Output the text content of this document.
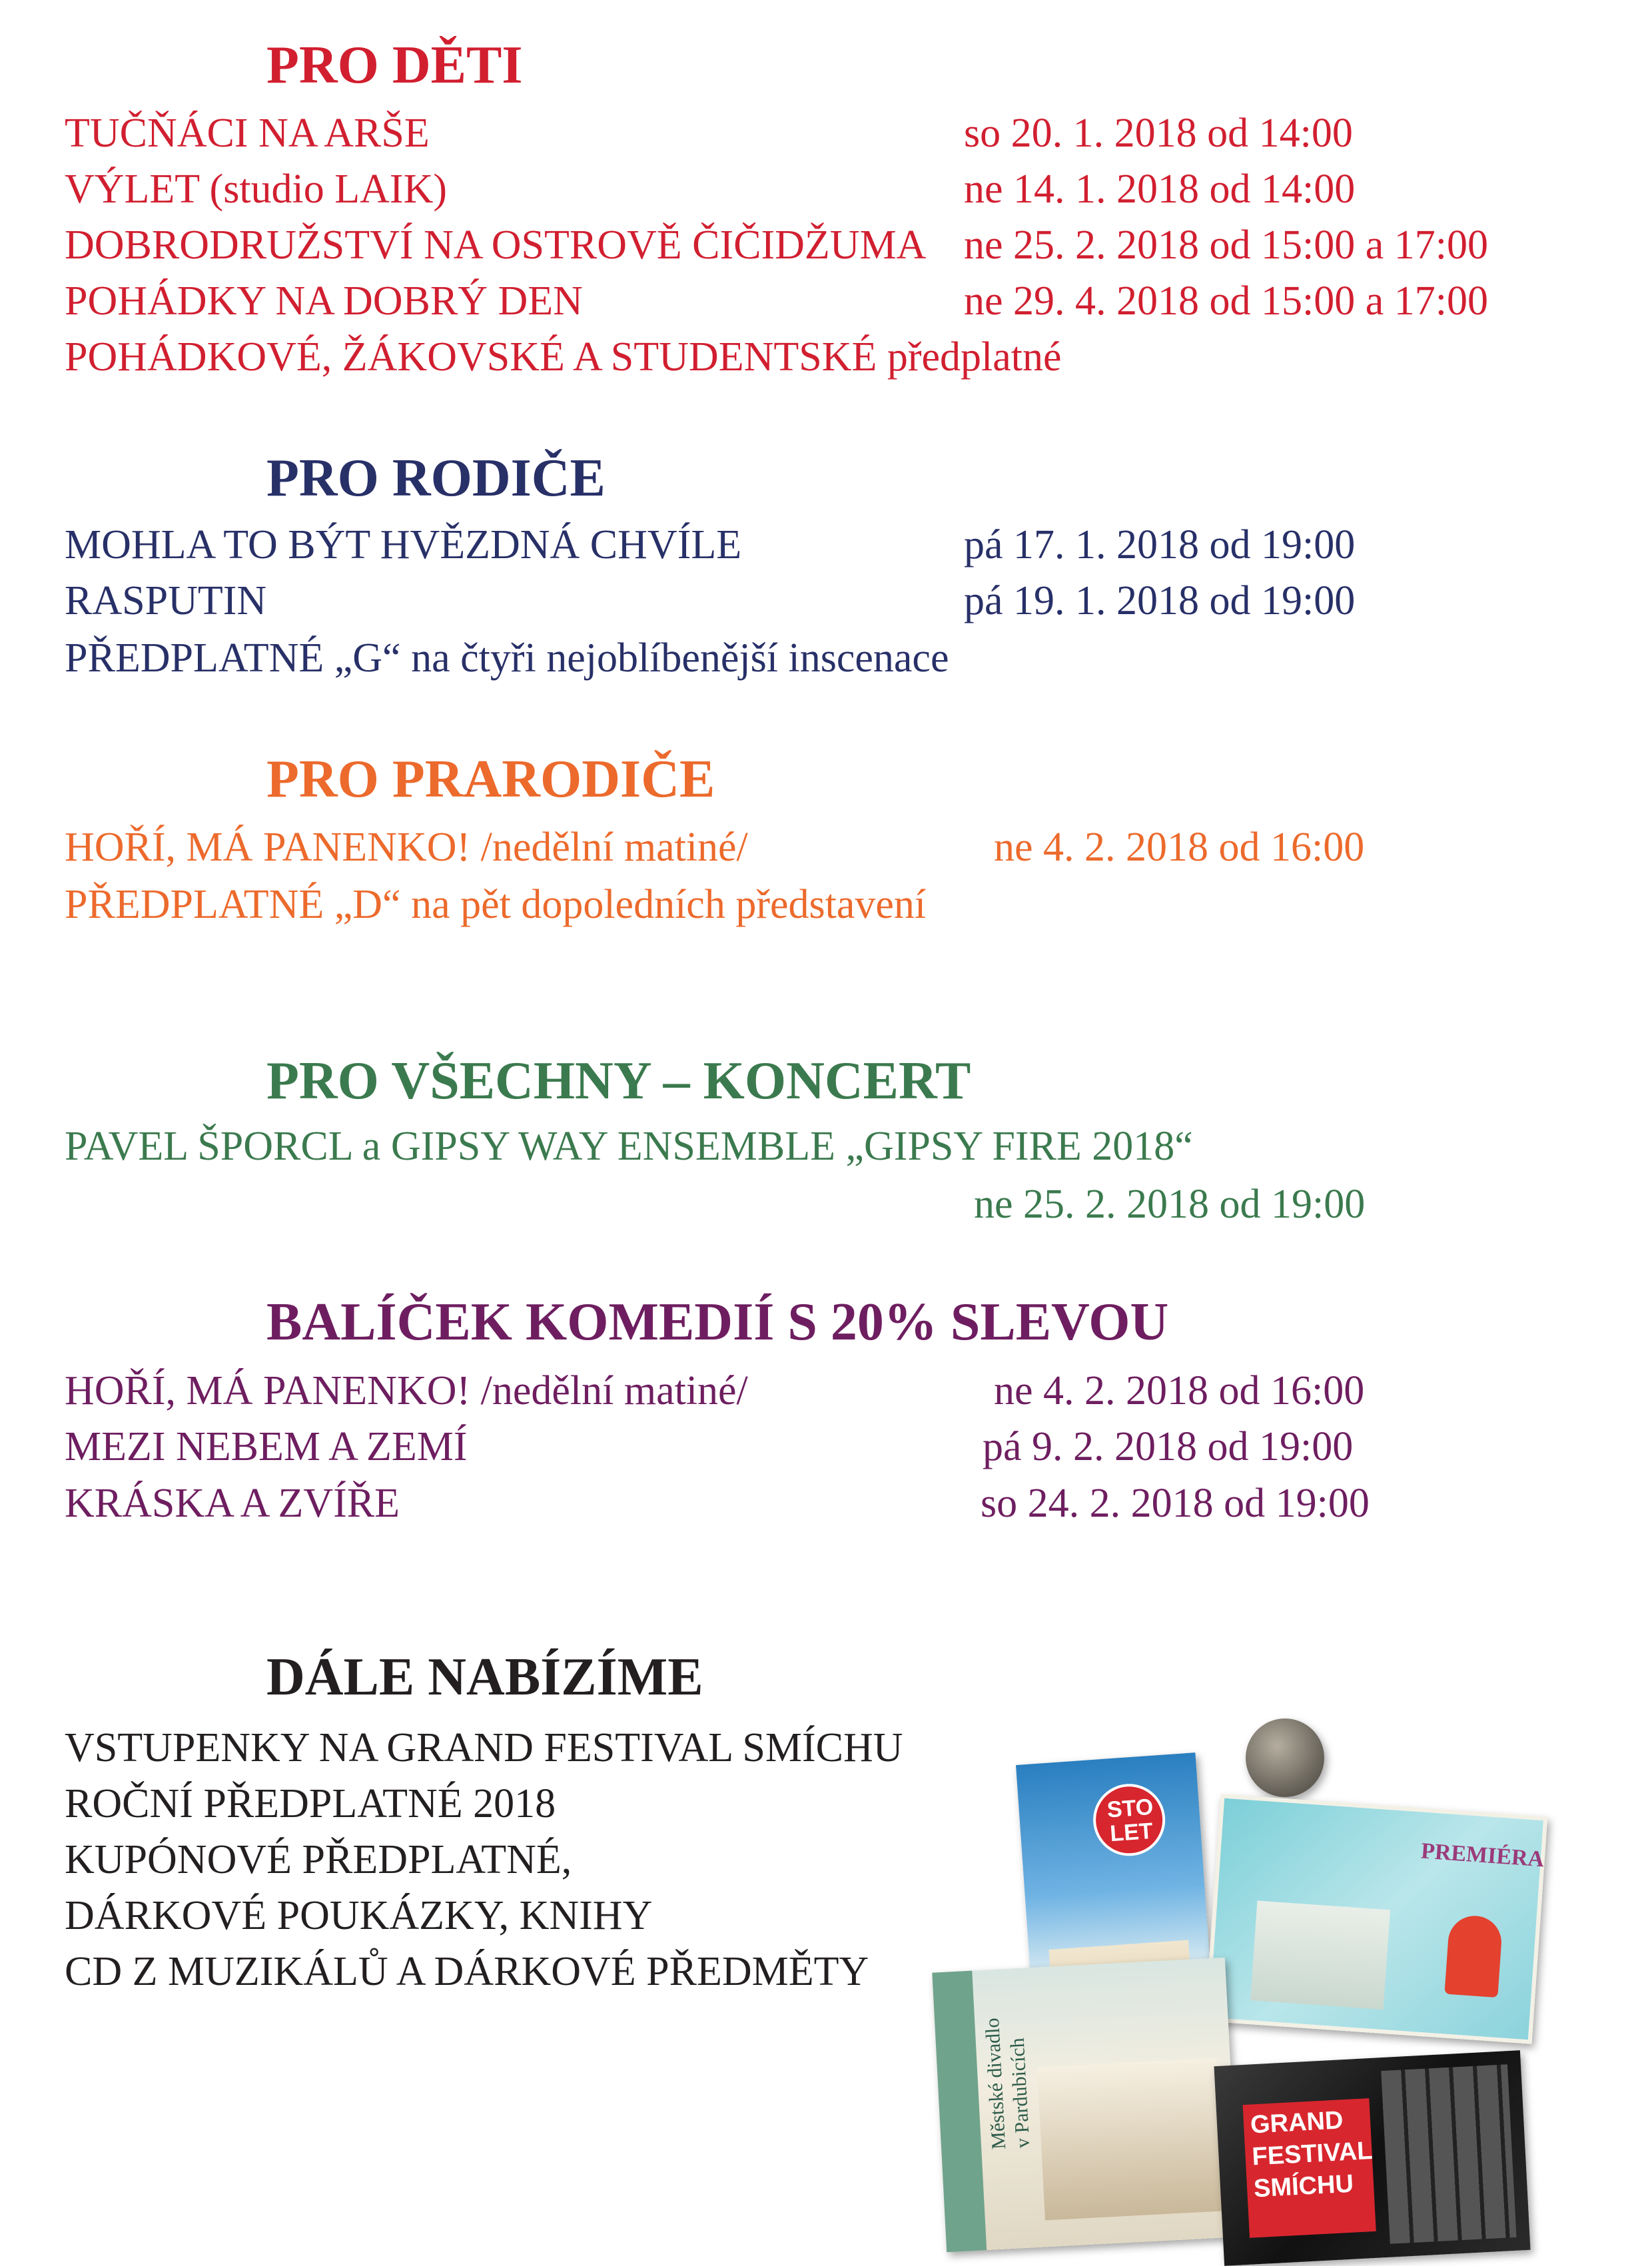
PRO DĚTI
TUČŇÁCI NA ARŠE	so 20. 1. 2018 od 14:00
VÝLET (studio LAIK)	ne 14. 1. 2018 od 14:00
DOBRODRUŽSTVÍ NA OSTROVĚ ČIČIDŽUMA ne 25. 2. 2018 od 15:00 a 17:00
POHÁDKY NA DOBRÝ DEN	ne 29. 4. 2018 od 15:00 a 17:00
POHÁDKOVÉ, ŽÁKOVSKÉ A STUDENTSKÉ předplatné
PRO RODIČE
MOHLA TO BÝT HVĚZDNÁ CHVÍLE	pá 17. 1. 2018 od 19:00
RASPUTIN	pá 19. 1. 2018 od 19:00
PŘEDPLATNÉ „G“ na čtyři nejoblíbenější inscenace
PRO PRARODIČE
HOŘÍ, MÁ PANENKO! /nedělní matiné/	ne 4. 2. 2018 od 16:00
PŘEDPLATNÉ „D“ na pět dopoledních představení
PRO VŠECHNY – KONCERT
PAVEL ŠPORCL a GIPSY WAY ENSEMBLE „GIPSY FIRE 2018“
ne 25. 2. 2018 od 19:00
BALÍČEK KOMEDIÍ S 20% SLEVOU
HOŘÍ, MÁ PANENKO! /nedělní matiné/	ne 4. 2. 2018 od 16:00
MEZI NEBEM A ZEMÍ	pá 9. 2. 2018 od 19:00
KRÁSKA A ZVÍŘE	so 24. 2. 2018 od 19:00
DÁLE NABÍZÍME
VSTUPENKY NA GRAND FESTIVAL SMÍCHU
ROČNÍ PŘEDPLATNÉ 2018
KUPÓNOVÉ PŘEDPLATNÉ,
DÁRKOVÉ POUKÁZKY, KNIHY
CD Z MUZIKÁLŮ A DÁRKOVÉ PŘEDMĚTY
STO
LET
PREMIÉRA
Městské divadlo
v Pardubicích	GRAND
FESTIVAL
SMÍCHU
